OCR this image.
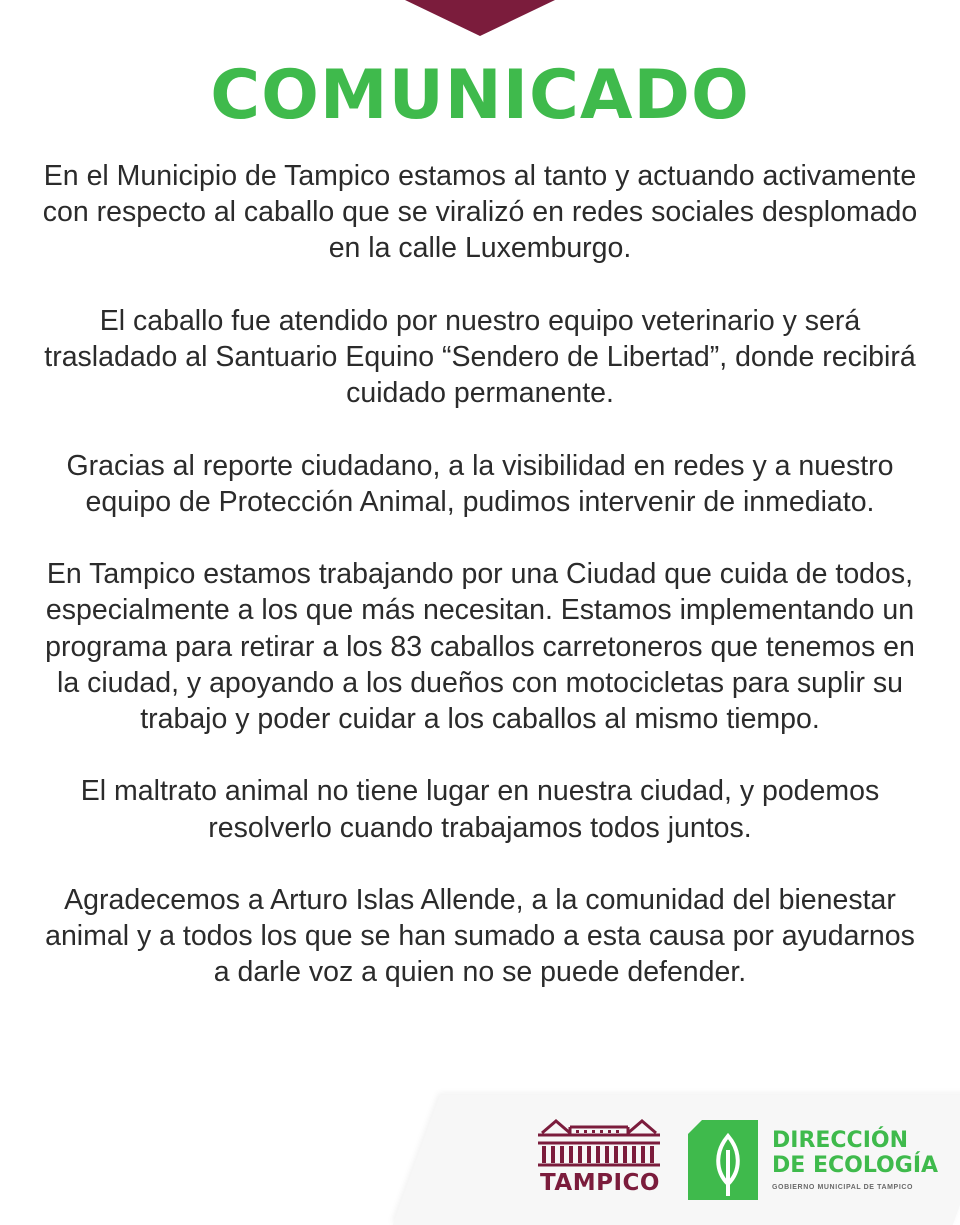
COMUNICADO

En el Municipio de Tampico estamos al tanto y actuando activamente con respecto al caballo que se viralizó en redes sociales desplomado en la calle Luxemburgo.

El caballo fue atendido por nuestro equipo veterinario y será trasladado al Santuario Equino “Sendero de Libertad”, donde recibirá cuidado permanente.

Gracias al reporte ciudadano, a la visibilidad en redes y a nuestro equipo de Protección Animal, pudimos intervenir de inmediato.

En Tampico estamos trabajando por una Ciudad que cuida de todos, especialmente a los que más necesitan. Estamos implementando un programa para retirar a los 83 caballos carretoneros que tenemos en la ciudad, y apoyando a los dueños con motocicletas para suplir su trabajo y poder cuidar a los caballos al mismo tiempo.

El maltrato animal no tiene lugar en nuestra ciudad, y podemos resolverlo cuando trabajamos todos juntos.

Agradecemos a Arturo Islas Allende, a la comunidad del bienestar animal y a todos los que se han sumado a esta causa por ayudarnos a darle voz a quien no se puede defender.

TAMPICO
DIRECCIÓN
DE ECOLOGÍA
GOBIERNO MUNICIPAL DE TAMPICO
